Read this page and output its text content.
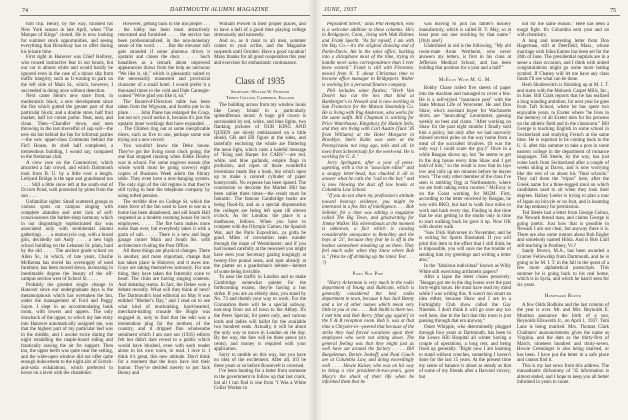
74	DARTMOUTH ALUMNI MAGAZINE

turn trip. Henry, by the way, finished his New York season in late April, when "The Masque of Kings" closed. He is now looking for summer stock opportunities, and seeing everything that Broadway has to offer during his leisure time.

First sight in Hanover was Chief Holbrey, who roused instinctive fear in our hearts, but our car is almost white and would hardly be ignored even in the case of a minor slip from traffic integrity, such as U-turning to park on the left side of Main St., which, however, I succeeded in doing once without detection.

Next came Stein's new store front, in modernistic black, a new development since the fire which gutted the greater part of that particular block; and a double store, half fruit market, half ice cream parlor. Neat, neat, and clean. Then—Chandler down, and men throwing in the last shovelful of sup soil—the new ski hut behind the Inn for informal parties—the new upper-class Commons behind the Fin'l House, its shell half completed, a tremendous building, I would say, compared to the freshman club.

A crew race on the Connecticut, which attracted a fair crowd, and which Dartmouth took from B. U. by a little over a length. Ledyard Bridge is the tape and grandstand too . . . . Still a little snow left at the south end of Occom Pond, well protected by pines from the sun . . . .

Unfamiliar sights: Small scattered groups in various spots on campus singing with complete abandon and utter lack of self-consciousness the barber-shop harmony which in our disgustingly sophisticated day was associated only with sentimental alumni gatherings . . . a motorcycle cop, with a broad grin, decidedly not Andy . . . a new high school building on the Lebanon St. plain, hard by the old . . . . The ancient grade school on Allen St., in which, of late years, Charlie McKenna has stored his oversupply of used furniture, has been moved down, increasing in inestimable degree the beauty of the off-campus section west of School St. . . . .

Probably the greatest single change in Hanover since our undergraduate days is the metamorphosis which has overtaken the Inn, under the management of Ford and Peggy Sayre. I slept in an accommodating bunk room, with lowers and uppers. The only drawback of the upper, to which my late entry into Hanover automatically assigned me, was that the highest part of my particular bed was in the middle, and I awoke twice during the night straddling the maple-board siding and frantically sawing the air for support. Then too, the upper berth was quite near the ceiling, and the wide-open window did not offer quite enough inducement to the night airs of Scotch-and-soda exhalations, which preferred to hover on a level with the chandelier.

However, getting back to the Inn proper . . . . the lobby has been most attractively renovated and furnished . . . . the service has been professionalized, in the non-monetary sense of the word. . . . . But the elevator still gets stranded if some alumnus drives it upstairs and closes the door. . . . . Such banalities as a remark about improved appearances draws from the help an unctuous "We like it, sir," which is pleasantly suited to the necessarily mannered and provincial character of a small hotel. I would prefer it a thousand times to the cold and Dale Carnegie-coined "We're glad you like it, sir."

The Board-of-Directors table has been taken from the Wigwam, and booths put in its place . . . . John Piane has enlarged the Coop, but not so's you'd notice it, because it's just the upstairs inner workings that have expanded. . . . . The Chimes ring out at some inexplicable times, such as five to one, perhaps some one trying out a new record.

You wouldn't know the Deke house. They've got the living room clock going, the one that stopped running when Eddie Dooley was in school. For some ungiven reason (the whole world must be going screwy) eight copies of Business Week adorn the library table. They even have a new-hanging system. The only sign of the old regime is that they're still trying to beat the telephone company by using tufted pennies.

The terrible dive on College St. which the mule force of the Inn used to have to use as a home has been abandoned, and old South Hall reopened as a modern rooming house for such employees. . . . . The fire horn makes more noise than ever, but everybody takes it with a grain of salt. . . . . There is a new and huge garage corner Main and South Sts. with architecture rivaling the Post Office.

All these things are physical changes. There is another, and more important, change that has taken place in Hanover, and it awes me. Guys are taking themselves seriously. For one thing, they have taken the fraternity scare to heart. The clubs are having singing contests. And debating teams. In fact, the Dekes won a debate recently. What will they think of next? The Dartmouth's lead editorial on May 8 was entitled "Mother's Day," and I read on to see what kind of muckraking, hard-hearted, merchant-baiting crusade the Bugle was engaged in, only to find that the edit was a tremendous plug for the mothers of the country, and it dripped fine wholesome sentiment which I am sure our (1935) editors felt but didn't dare reveal to a public which would have blushed, even with each reader alone in his own room, to read. I love it. I think it's great, this new attitude. Don't think for a moment that the boys have lost their humor. They've decided merely to put Jack Benny and

William Powell in their proper places, and to have a hell of a good time playing college strenuously and earnestly.

And so, as it must to all men, summer comes to your scribe, and the Magazine suspends until October. Have a good vacation! Many thanks for all good cooperation this year and exercises for enthusiastic continuance.

Class of 1935
Secretary, William W. Fitzhugh
Trinity College, Cambridge, England

The building across from my window looks like Coney Island in a particularly splendiferous mood. A huge gilt crown is surrounded by red, white, and blue lights, two flanking pictures of OUR KING AND QUEEN are nicely emblazoned on a little shield, GR and ER figure at the sides, and tastefully enclosing the whole are fluttering the neon light, which casts a baleful message of "King and Harper for CARS"—are red, white, and blue garlands, empire flags in profusion, and ropes of those wonderful inventions made like a book, but which open up to make a colored cylinder of paper honeycomb. No expense has been spared. The concession to decorate the Market Hill has been sublet three times—the result must be fantastic. The famous Cambridge backs are being flood-lit, and as a special dispensation the colleges are being left open till eleven o'clock. As for London: the place is a madhouse, fellows. When you have to compete with the Olympic Games, the Spanish War, and the Paris Exposition, ya gotta be good. Miles of coronation seats wander through the maze of Westminster; and if you had looked carefully at the newsreel you might have seen your Secretary gazing longingly at twenty-five pound seats, and spot already at the platter on a guardsman's helmet—helmet of some being invisible.

To ease the traffic in London and to make Cambridge somewhat quieter for the forthcoming exams, they're having a bus strike. If you are an elderly man, you stand by No. 73 and thumb your way to work. For the Coronation there will be a special subway, non-stop from out of town to the Abbey. It's the Peers Special, for peers only, and various lords and ladies will ballot for the available two hundred seats. Actually, it will be about the only way to move in London on the day. By the way, the fare will be three pence (six cents), and money is required with your application.

Sorry to ramble on this way, but you have no idea of the excitement. After all, it'll be three years or so before Roosevelt is crowned.

I've been hunting for a letter from someone in the government to follow up that last crack, but all I can find is one from "I Was a White Collar Worker in

JUNE, 1937	75

Pepsodent Street," alias Phil Hemphill, who is a welcome addition to these columns. He's in Bridgeport, Conn., living with Walt Holmes and Frank Specht. "As for myself, I am with the Bay Co.—it's the original drawing end of Parke-Davis. Am in the sales office, barking into a dictaphone most of the time, trying to handle more sales correspondence than I ever knew existed." Frank is still with Firestone, moved from N. Y. about Christmas time to become office manager in Bridgeport. Walter is working for a personal finance company.

Phil includes some flashes: "Herb Van Doorn has cut the ties that bind at Bamberger's in Newark and is now working in San Francisco for the Matson Steamship Co. He is living with Pug Anderson, who works for the same outfit. Bill Chapman is working for Price Waterhouse, Kingsbury for Haskin Sells, and they are living with Carl Austin (Tuck '36 from Williams) at the Hotel Margaret in Brooklyn. Stern Kahn was seen at the Pennsylvania not long ago, tails and all. In town from Schenectady for the week-end. He is working for G. E."

Jerry Springarn, after a year of press-agenting, with a rise to "associate editor" and a snappy letter-head, has chucked it all to answer what he calls the "call to the bar," and is now blowing the dust off law books at Columbia Law School.

"If you do not share my profession's attitude toward hearsay evidence, you might be interested in a few bits of intelligence. . . . Bob Sellmer, for a time was editing a magazine called The Big Town, and ghostwriting for Jimmy Walker. His whereabouts at the moment is unknown, a fact which is causing considerable annoyance to Benchley and the boys at '21', because they fear he is off in the bushes somewhere sneaking up on them. They feel much safer when they know where Bob is." (Was he off drinking up the latest Test . . . ?)

Pono Not Pine

"Harry Ackerman is very much in the radio department of Young and Rubicam, which is generally considered the best radio department in town, because it has Jack Benny and a lot of other names which mean very little to you or me. . . . . Bob Smith is there too. I met him and Bob Berry [that guy again!] in the Y & R reception room. Bob S. was at that time a Chrysler-in—peeved that because of the strike they had forced vacations upon their employees who were not sitting down. The general feeling was that they might just as well have sat around the factory . . . . Bill Burgeleman, Bernie Jonkoff, and Paul Couch are at Columbia Law, and doing exceedingly well . . . . Howie Kaiser, who was on his way to being a vice president-in-two-years, gave Macy's the shock of their life when he informed them that he

was leaving to join his father's hosiery manufactory, which is called B. V. May, so at least puts out one stocking by that name." [Only one!]

Underlined in red is the following. "My old room-mate Arnie Wertheim, who never answers my letters, is first in his class at Jefferson Medical School, and has been holding that position for a year and a half!"

McEvoy With M. G. M.

Bobby Chase rolled five sheets of paper into the machine and managed to cover a few. He is a self-styled "insurance pest" with the State Mutual Life of Worcester. He and Don Shaw, who's assistant buyer for Wachusetts shirts, are "innovating" Leominster, gassing weekly on beer and clams. "After working on Shaw for the past eight months I finally sold him a policy, but only after we had narrowly missed several poles on the way home from a meal of the succulent bivalves. (It was the only way I could scare the guy.)" Once in a while Reagan shows up, but "he seems to get in the dog house every time Shaw and I get hold of him," so the result is now that he lays low and calls up ten minutes before he leaves town. "The only other member of the class I've seen is ambling Ogg at Northeastern, where we are both taking extra courses." McEvoy is on the Coast working for MGM. First, according to the letter received by Reagan, he was with RKO, but had to walk four miles to work and back every day. Finding in due time that he was getting to the studio only in time to start walking back he gave it up. Now OK with shorter walk.

"Saw Dick Halvorsen in November, and he is writing for Sports Illustrated. If you will print this item to the effect that I still think he is impossible, you will save me the trouble of sending him my greetings and writing a letter also."

In the "fabulous individual" known as Willy White still exercising arithmetic papers?

After a lapse the letter closes pensively: "Reagan got me in the dog house over the past forty-eight hours. He must have read my mind while I was writing this. It wasn't too smart an idea either, because Shaw and I are in a Fortnightly Club show called the Gay Nineties. I don't think it will go over any too well here, due to the fact that this town is just passing through that era anyway."

Omer Whipple, who determinedly plugged through four years at Dartmouth, has been in the Lenox Hill Hospital all winter having a couple of operations, a long rest, and being fixed up generally. "Right now I am learning to stand without crutches, something I haven't done for the last 15 years. At the present time my sense of balance is about as steady as that of some of my friends after a Harvard victory, but

not for the same reason." Here has been a tough fight. It's Columbia next year and on with chemistry.

A long and interesting letter from Don Hagerman, still at Deerfield, Mass., whose marriage with Edna Eames has been set for the 26th of June. The presidential nuptials are in a sense a class occasion, and I think with united congratulations might go some more lasting symbol. If Chaney will let me have any class funds I'll see what can be done.

Herb Shuhlewitch is finishing up at M. I. T. and starts with the Mohawk Carpet Mills, Inc., in June. Bill Clark reports that he has realized a long standing ambition, for next year he goes from Taft School, where he has spent two enjoyable years, to Exeter where "he lives in the memory of all Exeter men for his prowess on the athletic field and in the classroom." Bill George is teaching English in some school in Switzerland and studying French at the same time. He is reported to be coming back to the U. S. after this summer to take a post in some eastern college in the department of romance languages. Ted Steele, by the way, has just come back from Switzerland after a couple of weeks skiing at Davos, and is now worrying like the rest of us about his "final schools." They call them the "tripos" here, after the Greek name for a three-legged stool on which candidates used to sit when they took their degrees. Halsey Leeler is trying to plan a tour of Japan on bicycle or on foot, and is haunting the Jap embassy for permission.

Ted Steele had a letter from George Colton, the Newark thread man, and claims George is going poetic. Just how that is possible in Newark I am not clear, but anyway there it is. There are also some rumors about Bob Engler and somebody named Hilda. And is Bob Luill still teaching in Poultney, Vt.?

Sandy Brown, M.A., has been awarded a Cramer Fellowship from Dartmouth, and he is going to be M. I. T. in the fall in the quest of a few more alphabetical postscripts. This summer he is going back to his real home, which is in Syria, and which he hasn't seen for six years.

Homeward Bound

A few Odds Bodkins and the last column of the year is over. Mr. and Mrs. Reynolds E. Moulton announce the birth of a son, Reynolds Ellsworth Jr., on April 1, 1937. Tom Lane is being married. Mrs. Thomas Clark Chalmers' announcements gives the name as Virginia, and the date as the thirty-first of March, nineteen hundred and thirty-seven. Howie Crenninger is also being married, or has been. I have put the letter in a safe place and cannot find it.

This is my last news from this address. The transatlantic dichotomy of '35 information is almost ended, and I hope to keep you all better informed in years to come.
